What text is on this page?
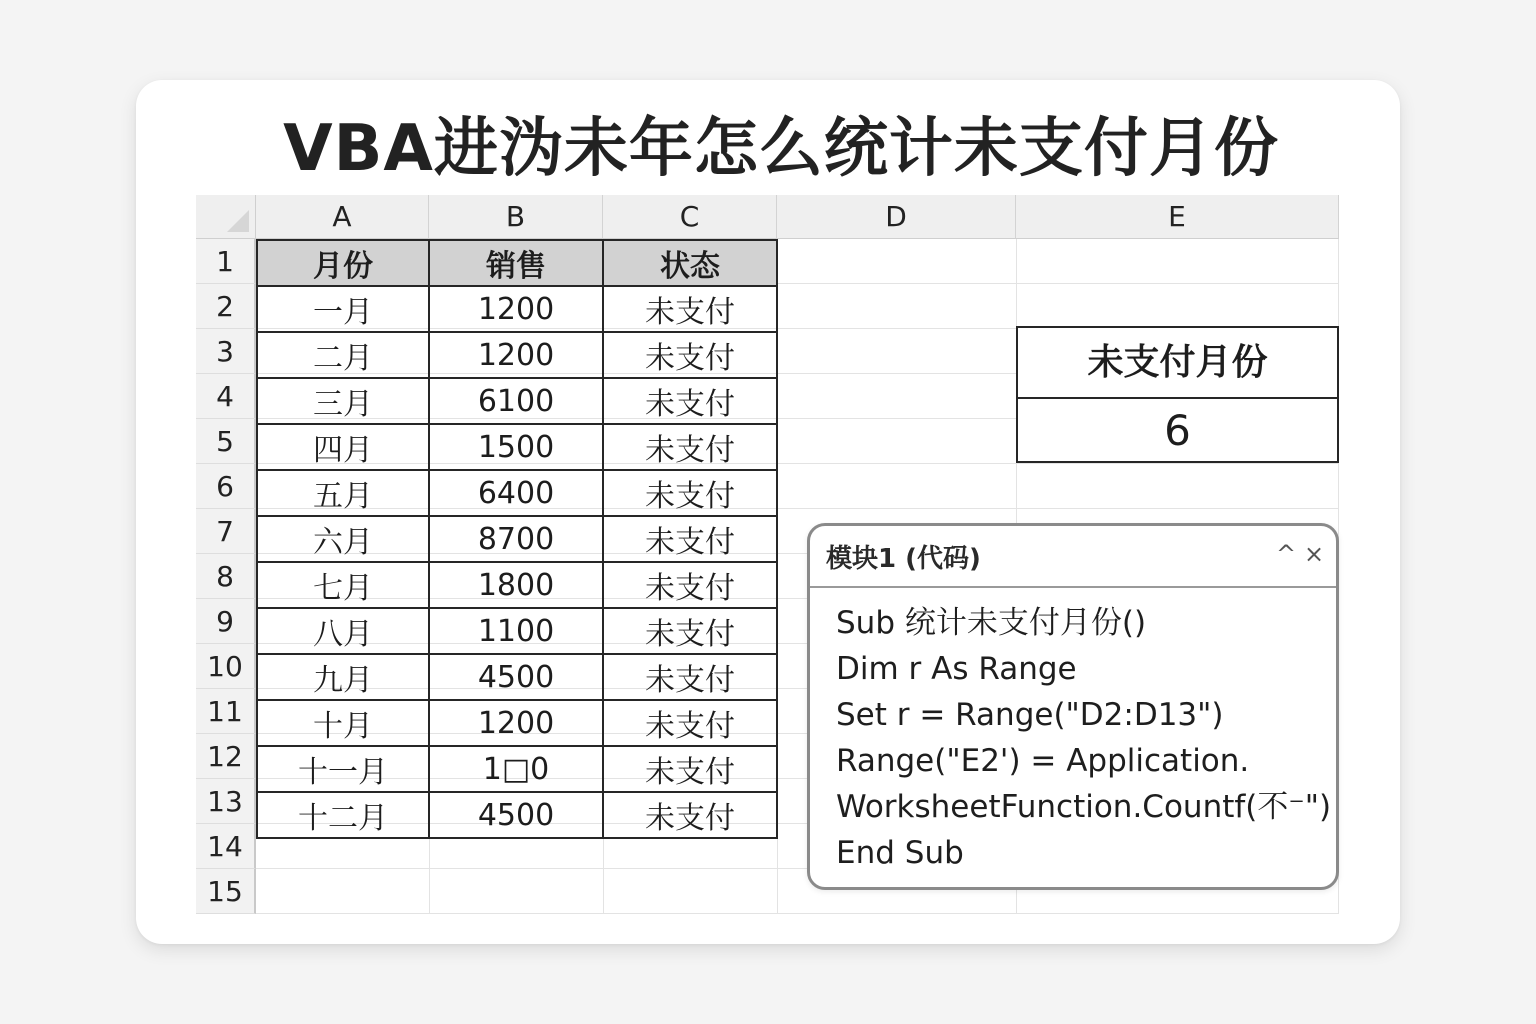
VBA进沩未年怎么统计未支付月份
A	B	C	D	E
1
2
3
4
5
6
7
8
9
10
11
12
13
14
15
月份	销售	状态
一月	1200	未支付
二月	1200	未支付
三月	6100	未支付
四月	1500	未支付
五月	6400	未支付
六月	8700	未支付
七月	1800	未支付
八月	1100	未支付
九月	4500	未支付
十月	1200	未支付
十一月	1□0	未支付
十二月	4500	未支付
未支付月份
6
模块1 (代码)	^ ×
Sub 统计未支付月份()
Dim r As Range
Set r = Range("D2:D13")
Range("E2') = Application.
WorksheetFunction.Countf(不⁻")
End Sub
